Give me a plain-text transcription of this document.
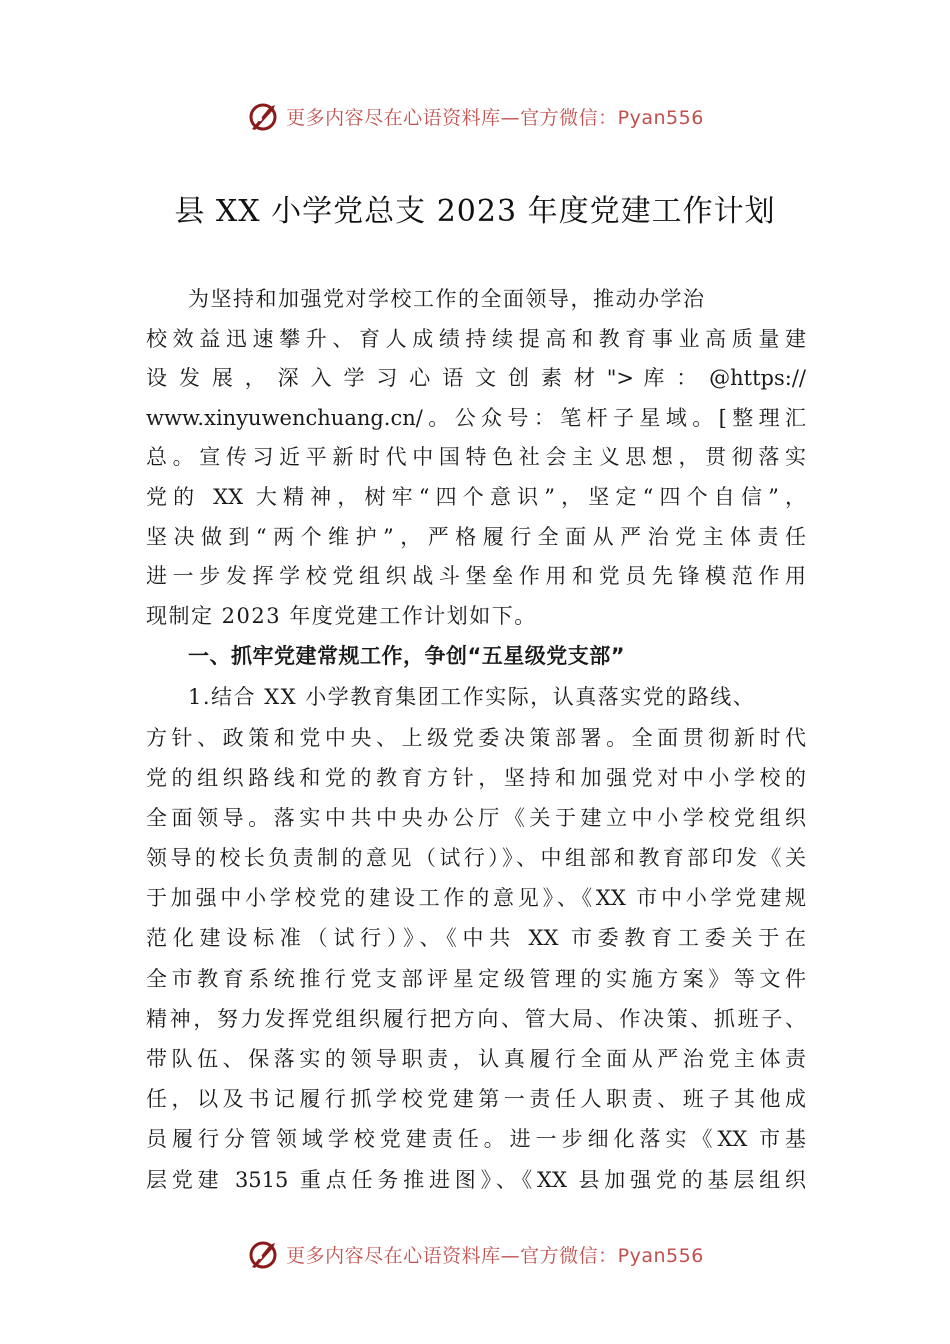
更多内容尽在心语资料库—官方微信：Pyan556
县 XX 小学党总支 2023 年度党建工作计划
为坚持和加强党对学校工作的全面领导，推动办学治
校效益迅速攀升、育人成绩持续提高和教育事业高质量建
设 发 展 ， 深 入 学 习 心 语 文 创 素 材 "> 库 ： @https://
www.xinyuwenchuang.cn/。公众号：笔杆子星域。[整理汇
总。宣传习近平新时代中国特色社会主义思想，贯彻落实
党的 XX 大精神，树牢“四个意识”，坚定“四个自信”，
坚决做到“两个维护”，严格履行全面从严治党主体责任
进一步发挥学校党组织战斗堡垒作用和党员先锋模范作用
现制定 2023 年度党建工作计划如下。
一、抓牢党建常规工作，争创“五星级党支部”
1.结合 XX 小学教育集团工作实际，认真落实党的路线、
方针、政策和党中央、上级党委决策部署。全面贯彻新时代
党的组织路线和党的教育方针，坚持和加强党对中小学校的
全面领导。落实中共中央办公厅《关于建立中小学校党组织
领导的校长负责制的意见（试行）》、中组部和教育部印发《关
于加强中小学校党的建设工作的意见》、《XX 市中小学党建规
范化建设标准（试行）》、《中共 XX 市委教育工委关于在
全市教育系统推行党支部评星定级管理的实施方案》等文件
精神，努力发挥党组织履行把方向、管大局、作决策、抓班子、
带队伍、保落实的领导职责，认真履行全面从严治党主体责
任，以及书记履行抓学校党建第一责任人职责、班子其他成
员履行分管领域学校党建责任。进一步细化落实《XX 市基
层党建 3515 重点任务推进图》、《XX 县加强党的基层组织
更多内容尽在心语资料库—官方微信：Pyan556
